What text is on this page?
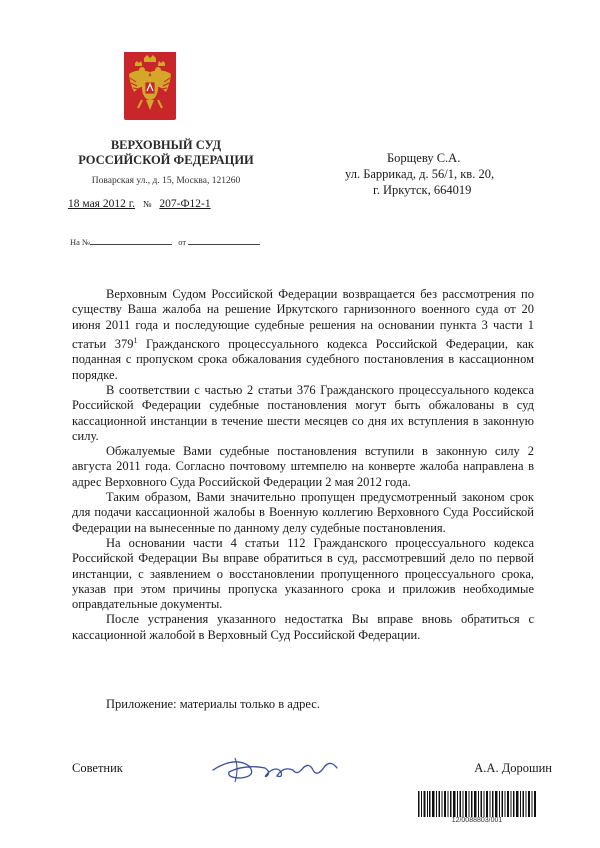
ВЕРХОВНЫЙ СУД
РОССИЙСКОЙ ФЕДЕРАЦИИ
Поварская ул., д. 15, Москва, 121260
18 мая 2012 г. № 207-Ф12-1
На №	от
Борщеву С.А.
ул. Баррикад, д. 56/1, кв. 20,
г. Иркутск, 664019

Верховным Судом Российской Федерации возвращается без рассмотрения по существу Ваша жалоба на решение Иркутского гарнизонного военного суда от 20 июня 2011 года и последующие судебные решения на основании пункта 3 части 1 статьи $379^1$ Гражданского процессуального кодекса Российской Федерации, как поданная с пропуском срока обжалования судебного постановления в кассационном порядке.

В соответствии с частью 2 статьи 376 Гражданского процессуального кодекса Российской Федерации судебные постановления могут быть обжалованы в суд кассационной инстанции в течение шести месяцев со дня их вступления в законную силу.

Обжалуемые Вами судебные постановления вступили в законную силу 2 августа 2011 года. Согласно почтовому штемпелю на конверте жалоба направлена в адрес Верховного Суда Российской Федерации 2 мая 2012 года.

Таким образом, Вами значительно пропущен предусмотренный законом срок для подачи кассационной жалобы в Военную коллегию Верховного Суда Российской Федерации на вынесенные по данному делу судебные постановления.

На основании части 4 статьи 112 Гражданского процессуального кодекса Российской Федерации Вы вправе обратиться в суд, рассмотревший дело по первой инстанции, с заявлением о восстановлении пропущенного процессуального срока, указав при этом причины пропуска указанного срока и приложив необходимые оправдательные документы.

После устранения указанного недостатка Вы вправе вновь обратиться с кассационной жалобой в Верховный Суд Российской Федерации.

Приложение: материалы только в адрес.
Советник	А.А. Дорошин
12/0088803/001
